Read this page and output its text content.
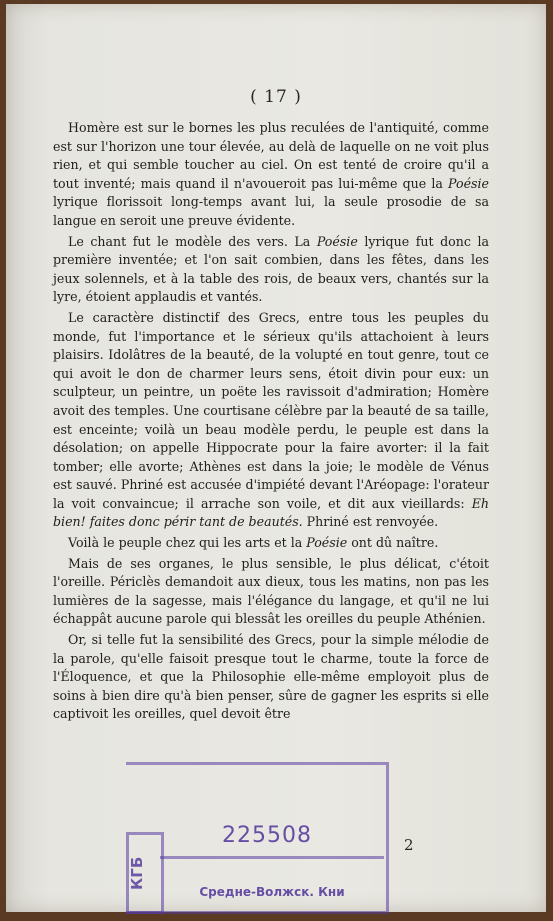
( 17 )

Homère est sur le bornes les plus reculées de l'antiquité, comme est sur l'horizon une tour élevée, au delà de laquelle on ne voit plus rien, et qui semble toucher au ciel. On est tenté de croire qu'il a tout inventé; mais quand il n'avoueroit pas lui-même que la Poésie lyrique florissoit long-temps avant lui, la seule prosodie de sa langue en seroit une preuve évidente.

Le chant fut le modèle des vers. La Poésie lyrique fut donc la première inventée; et l'on sait combien, dans les fêtes, dans les jeux solennels, et à la table des rois, de beaux vers, chantés sur la lyre, étoient applaudis et vantés.

Le caractère distinctif des Grecs, entre tous les peuples du monde, fut l'importance et le sérieux qu'ils attachoient à leurs plaisirs. Idolâtres de la beauté, de la volupté en tout genre, tout ce qui avoit le don de charmer leurs sens, étoit divin pour eux: un sculpteur, un peintre, un poëte les ravissoit d'admiration; Homère avoit des temples. Une courtisane célèbre par la beauté de sa taille, est enceinte; voilà un beau modèle perdu, le peuple est dans la désolation; on appelle Hippocrate pour la faire avorter: il la fait tomber; elle avorte; Athènes est dans la joie; le modèle de Vénus est sauvé. Phriné est accusée d'impiété devant l'Aréopage: l'orateur la voit convaincue; il arrache son voile, et dit aux vieillards: Eh bien! faites donc périr tant de beautés. Phriné est renvoyée.

Voilà le peuple chez qui les arts et la Poésie ont dû naître.

Mais de ses organes, le plus sensible, le plus délicat, c'étoit l'oreille. Périclès demandoit aux dieux, tous les matins, non pas les lumières de la sagesse, mais l'élégance du langage, et qu'il ne lui échappât aucune parole qui blessât les oreilles du peuple Athénien.

Or, si telle fut la sensibilité des Grecs, pour la simple mélodie de la parole, qu'elle faisoit presque tout le charme, toute la force de l'Éloquence, et que la Philosophie elle-même employoit plus de soins à bien dire qu'à bien penser, sûre de gagner les esprits si elle captivoit les oreilles, quel devoit être

2
КГБ
225508
Средне-Волжск. Кни
